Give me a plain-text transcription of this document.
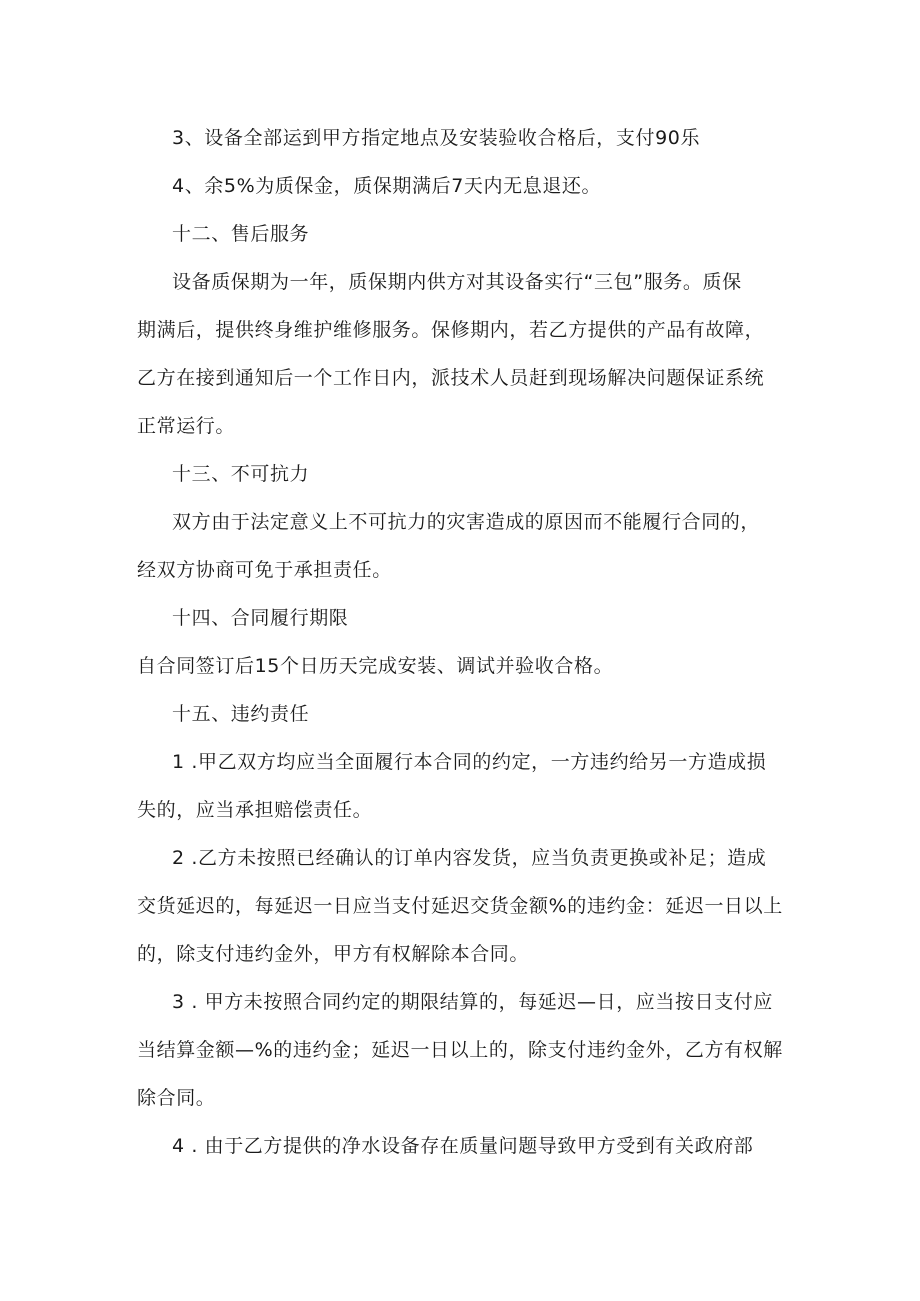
3、设备全部运到甲方指定地点及安装验收合格后，支付90乐
4、余5%为质保金，质保期满后7天内无息退还。
十二、售后服务
设备质保期为一年，质保期内供方对其设备实行“三包”服务。质保
期满后，提供终身维护维修服务。保修期内，若乙方提供的产品有故障，
乙方在接到通知后一个工作日内，派技术人员赶到现场解决问题保证系统
正常运行。
十三、不可抗力
双方由于法定意义上不可抗力的灾害造成的原因而不能履行合同的，
经双方协商可免于承担责任。
十四、合同履行期限
自合同签订后15个日历天完成安装、调试并验收合格。
十五、违约责任
1 .甲乙双方均应当全面履行本合同的约定，一方违约给另一方造成损
失的，应当承担赔偿责任。
2 .乙方未按照已经确认的订单内容发货，应当负责更换或补足；造成
交货延迟的，每延迟一日应当支付延迟交货金额%的违约金：延迟一日以上
的，除支付违约金外，甲方有权解除本合同。
3 . 甲方未按照合同约定的期限结算的，每延迟—日，应当按日支付应
当结算金额—%的违约金；延迟一日以上的，除支付违约金外，乙方有权解
除合同。
4 . 由于乙方提供的净水设备存在质量问题导致甲方受到有关政府部
